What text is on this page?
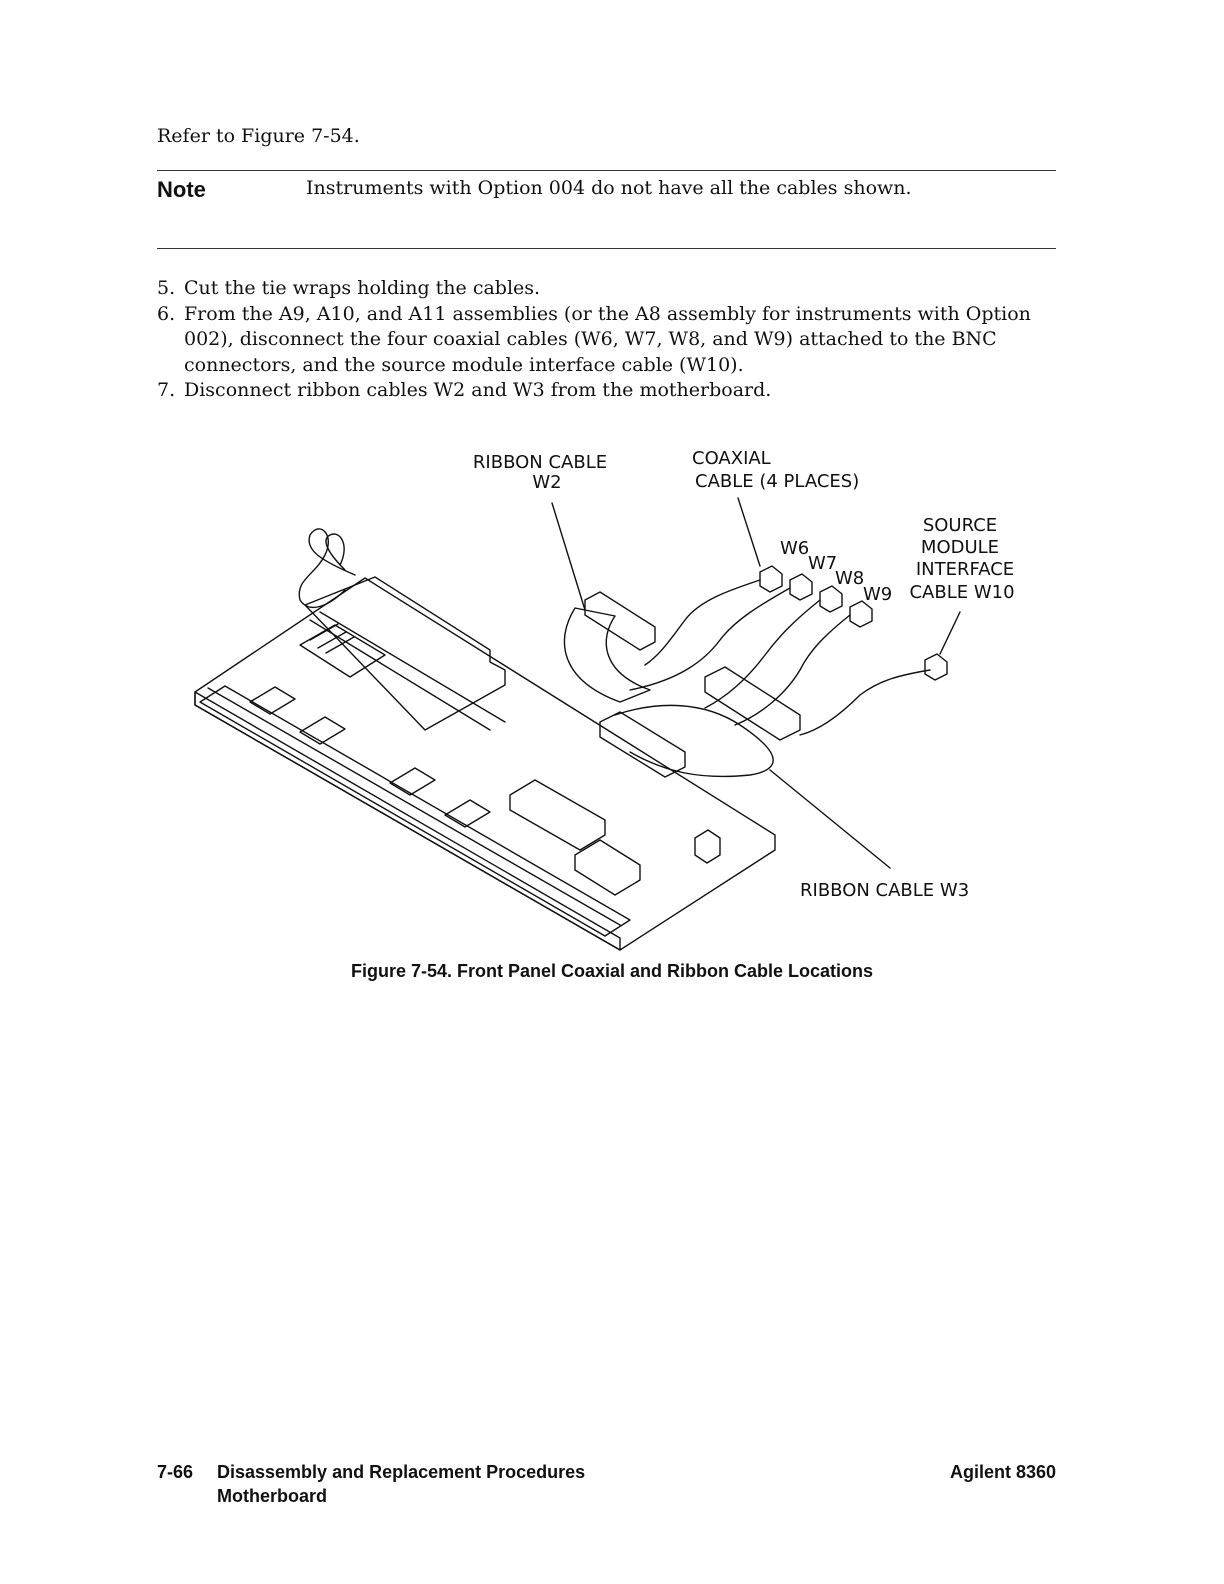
Refer to Figure 7-54.
Note	Instruments with Option 004 do not have all the cables shown.
5. Cut the tie wraps holding the cables.
6. From the A9, A10, and A11 assemblies (or the A8 assembly for instruments with Option 002), disconnect the four coaxial cables (W6, W7, W8, and W9) attached to the BNC connectors, and the source module interface cable (W10).
7. Disconnect ribbon cables W2 and W3 from the motherboard.
RIBBON CABLE
W2
COAXIAL
CABLE (4 PLACES)
W6
W7
W8
W9
SOURCE
MODULE
INTERFACE
CABLE W10
RIBBON CABLE W3
Figure 7-54. Front Panel Coaxial and Ribbon Cable Locations
7-66 Disassembly and Replacement Procedures
Motherboard
Agilent 8360
